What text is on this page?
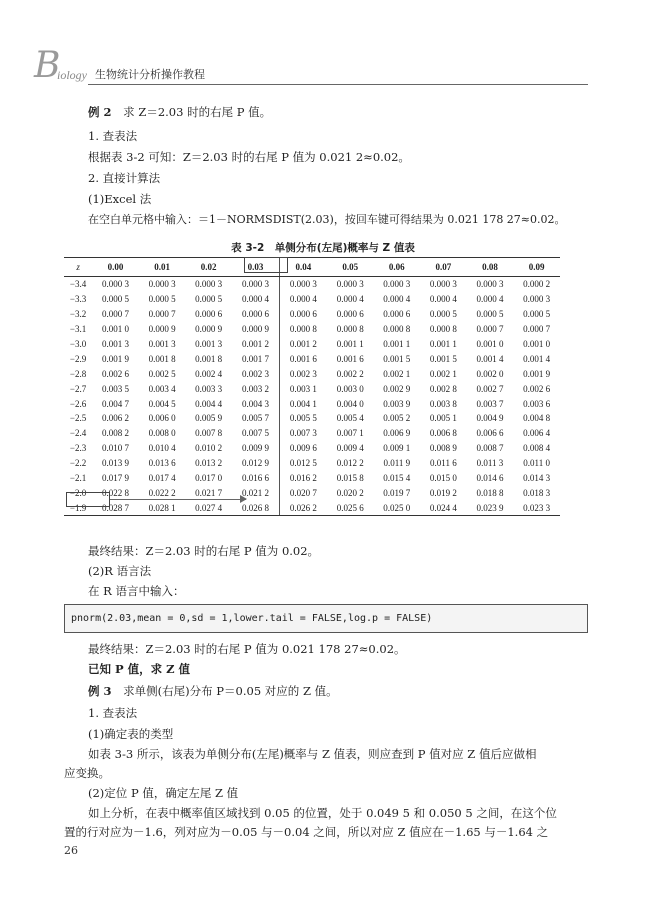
B
iology 生物统计分析操作教程
例 2 求 Z＝2.03 时的右尾 P 值。
1. 查表法
根据表 3-2 可知：Z＝2.03 时的右尾 P 值为 0.021 2≈0.02。
2. 直接计算法
(1)Excel 法
在空白单元格中输入：＝1－NORMSDIST(2.03)，按回车键可得结果为 0.021 178 27≈0.02。
表 3-2　单侧分布(左尾)概率与 Z 值表
z	0.00	0.01	0.02	0.03	0.04	0.05	0.06	0.07	0.08	0.09
−3.4	0.000 3	0.000 3	0.000 3	0.000 3	0.000 3	0.000 3	0.000 3	0.000 3	0.000 3	0.000 2
−3.3	0.000 5	0.000 5	0.000 5	0.000 4	0.000 4	0.000 4	0.000 4	0.000 4	0.000 4	0.000 3
−3.2	0.000 7	0.000 7	0.000 6	0.000 6	0.000 6	0.000 6	0.000 6	0.000 5	0.000 5	0.000 5
−3.1	0.001 0	0.000 9	0.000 9	0.000 9	0.000 8	0.000 8	0.000 8	0.000 8	0.000 7	0.000 7
−3.0	0.001 3	0.001 3	0.001 3	0.001 2	0.001 2	0.001 1	0.001 1	0.001 1	0.001 0	0.001 0
−2.9	0.001 9	0.001 8	0.001 8	0.001 7	0.001 6	0.001 6	0.001 5	0.001 5	0.001 4	0.001 4
−2.8	0.002 6	0.002 5	0.002 4	0.002 3	0.002 3	0.002 2	0.002 1	0.002 1	0.002 0	0.001 9
−2.7	0.003 5	0.003 4	0.003 3	0.003 2	0.003 1	0.003 0	0.002 9	0.002 8	0.002 7	0.002 6
−2.6	0.004 7	0.004 5	0.004 4	0.004 3	0.004 1	0.004 0	0.003 9	0.003 8	0.003 7	0.003 6
−2.5	0.006 2	0.006 0	0.005 9	0.005 7	0.005 5	0.005 4	0.005 2	0.005 1	0.004 9	0.004 8
−2.4	0.008 2	0.008 0	0.007 8	0.007 5	0.007 3	0.007 1	0.006 9	0.006 8	0.006 6	0.006 4
−2.3	0.010 7	0.010 4	0.010 2	0.009 9	0.009 6	0.009 4	0.009 1	0.008 9	0.008 7	0.008 4
−2.2	0.013 9	0.013 6	0.013 2	0.012 9	0.012 5	0.012 2	0.011 9	0.011 6	0.011 3	0.011 0
−2.1	0.017 9	0.017 4	0.017 0	0.016 6	0.016 2	0.015 8	0.015 4	0.015 0	0.014 6	0.014 3
−2.0	0.022 8	0.022 2	0.021 7	0.021 2	0.020 7	0.020 2	0.019 7	0.019 2	0.018 8	0.018 3
−1.9	0.028 7	0.028 1	0.027 4	0.026 8	0.026 2	0.025 6	0.025 0	0.024 4	0.023 9	0.023 3
最终结果：Z＝2.03 时的右尾 P 值为 0.02。
(2)R 语言法
在 R 语言中输入：
pnorm(2.03,mean = 0,sd = 1,lower.tail = FALSE,log.p = FALSE)
最终结果：Z＝2.03 时的右尾 P 值为 0.021 178 27≈0.02。
已知 P 值，求 Z 值
例 3 求单侧(右尾)分布 P＝0.05 对应的 Z 值。
1. 查表法
(1)确定表的类型
如表 3-3 所示，该表为单侧分布(左尾)概率与 Z 值表，则应查到 P 值对应 Z 值后应做相
应变换。
(2)定位 P 值，确定左尾 Z 值
如上分析，在表中概率值区域找到 0.05 的位置，处于 0.049 5 和 0.050 5 之间，在这个位
置的行对应为－1.6，列对应为－0.05 与－0.04 之间，所以对应 Z 值应在－1.65 与－1.64 之
26
